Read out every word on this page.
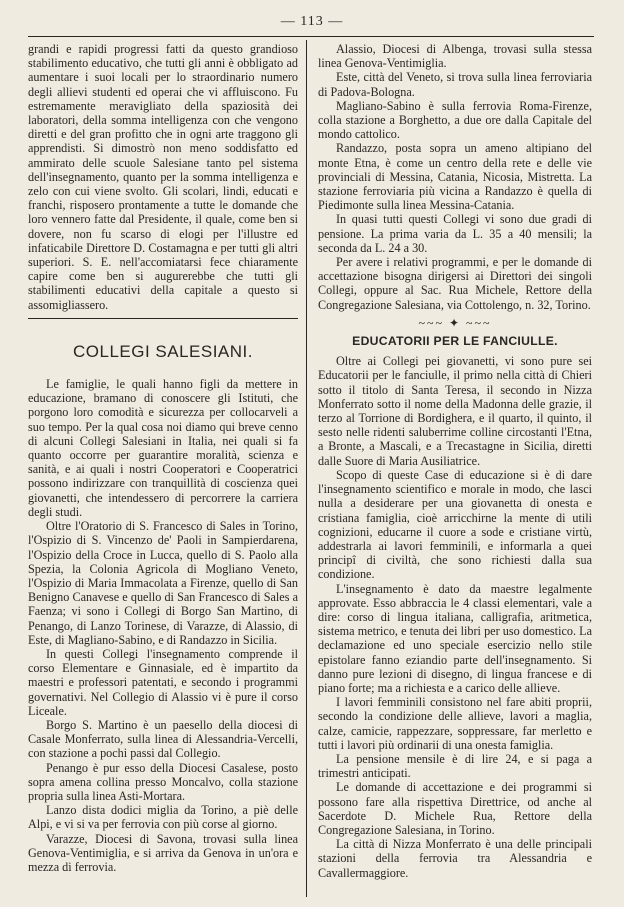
— 113 —

grandi e rapidi progressi fatti da questo grandioso stabilimento educativo, che tutti gli anni è obbligato ad aumentare i suoi locali per lo straordinario numero degli allievi studenti ed operai che vi affluiscono. Fu estremamente meravigliato della spaziosità dei laboratori, della somma intelligenza con che vengono diretti e del gran profitto che in ogni arte traggono gli apprendisti. Si dimostrò non meno soddisfatto ed ammirato delle scuole Salesiane tanto pel sistema dell'insegnamento, quanto per la somma intelligenza e zelo con cui viene svolto. Gli scolari, lindi, educati e franchi, risposero prontamente a tutte le domande che loro vennero fatte dal Presidente, il quale, come ben si dovere, non fu scarso di elogi per l'illustre ed infaticabile Direttore D. Costamagna e per tutti gli altri superiori. S. E. nell'accomiatarsi fece chiaramente capire come ben si augurerebbe che tutti gli stabilimenti educativi della capitale a questo si assomigliassero.

COLLEGI SALESIANI.

Le famiglie, le quali hanno figli da mettere in educazione, bramano di conoscere gli Istituti, che porgono loro comodità e sicurezza per collocarveli a suo tempo. Per la qual cosa noi diamo qui breve cenno di alcuni Collegi Salesiani in Italia, nei quali si fa quanto occorre per guarantire moralità, scienza e sanità, e ai quali i nostri Cooperatori e Cooperatrici possono indirizzare con tranquillità di coscienza quei giovanetti, che intendessero di percorrere la carriera degli studi.

Oltre l'Oratorio di S. Francesco di Sales in Torino, l'Ospizio di S. Vincenzo de' Paoli in Sampierdarena, l'Ospizio della Croce in Lucca, quello di S. Paolo alla Spezia, la Colonia Agricola di Mogliano Veneto, l'Ospizio di Maria Immacolata a Firenze, quello di San Benigno Canavese e quello di San Francesco di Sales a Faenza; vi sono i Collegi di Borgo San Martino, di Penango, di Lanzo Torinese, di Varazze, di Alassio, di Este, di Magliano-Sabino, e di Randazzo in Sicilia.

In questi Collegi l'insegnamento comprende il corso Elementare e Ginnasiale, ed è impartito da maestri e professori patentati, e secondo i programmi governativi. Nel Collegio di Alassio vi è pure il corso Liceale.

Borgo S. Martino è un paesello della diocesi di Casale Monferrato, sulla linea di Alessandria-Vercelli, con stazione a pochi passi dal Collegio.

Penango è pur esso della Diocesi Casalese, posto sopra amena collina presso Moncalvo, colla stazione propria sulla linea Asti-Mortara.

Lanzo dista dodici miglia da Torino, a piè delle Alpi, e vi si va per ferrovia con più corse al giorno.

Varazze, Diocesi di Savona, trovasi sulla linea Genova-Ventimiglia, e si arriva da Genova in un'ora e mezza di ferrovia.

Alassio, Diocesi di Albenga, trovasi sulla stessa linea Genova-Ventimiglia.

Este, città del Veneto, si trova sulla linea ferroviaria di Padova-Bologna.

Magliano-Sabino è sulla ferrovia Roma-Firenze, colla stazione a Borghetto, a due ore dalla Capitale del mondo cattolico.

Randazzo, posta sopra un ameno altipiano del monte Etna, è come un centro della rete e delle vie provinciali di Messina, Catania, Nicosia, Mistretta. La stazione ferroviaria più vicina a Randazzo è quella di Piedimonte sulla linea Messina-Catania.

In quasi tutti questi Collegi vi sono due gradi di pensione. La prima varia da L. 35 a 40 mensili; la seconda da L. 24 a 30.

Per avere i relativi programmi, e per le domande di accettazione bisogna dirigersi ai Direttori dei singoli Collegi, oppure al Sac. Rua Michele, Rettore della Congregazione Salesiana, via Cottolengo, n. 32, Torino.

~~~ ✦ ~~~
EDUCATORII PER LE FANCIULLE.

Oltre ai Collegi pei giovanetti, vi sono pure sei Educatorii per le fanciulle, il primo nella città di Chieri sotto il titolo di Santa Teresa, il secondo in Nizza Monferrato sotto il nome della Madonna delle grazie, il terzo al Torrione di Bordighera, e il quarto, il quinto, il sesto nelle ridenti saluberrime colline circostanti l'Etna, a Bronte, a Mascali, e a Trecastagne in Sicilia, diretti dalle Suore di Maria Ausiliatrice.

Scopo di queste Case di educazione si è di dare l'insegnamento scientifico e morale in modo, che lasci nulla a desiderare per una giovanetta di onesta e cristiana famiglia, cioè arricchirne la mente di utili cognizioni, educarne il cuore a sode e cristiane virtù, addestrarla ai lavori femminili, e informarla a quei principî di civiltà, che sono richiesti dalla sua condizione.

L'insegnamento è dato da maestre legalmente approvate. Esso abbraccia le 4 classi elementari, vale a dire: corso di lingua italiana, calligrafia, aritmetica, sistema metrico, e tenuta dei libri per uso domestico. La declamazione ed uno speciale esercizio nello stile epistolare fanno eziandio parte dell'insegnamento. Si danno pure lezioni di disegno, di lingua francese e di piano forte; ma a richiesta e a carico delle allieve.

I lavori femminili consistono nel fare abiti proprii, secondo la condizione delle allieve, lavori a maglia, calze, camicie, rappezzare, soppressare, far merletto e tutti i lavori più ordinarii di una onesta famiglia.

La pensione mensile è di lire 24, e si paga a trimestri anticipati.

Le domande di accettazione e dei programmi si possono fare alla rispettiva Direttrice, od anche al Sacerdote D. Michele Rua, Rettore della Congregazione Salesiana, in Torino.

La città di Nizza Monferrato è una delle principali stazioni della ferrovia tra Alessandria e Cavallermaggiore.
